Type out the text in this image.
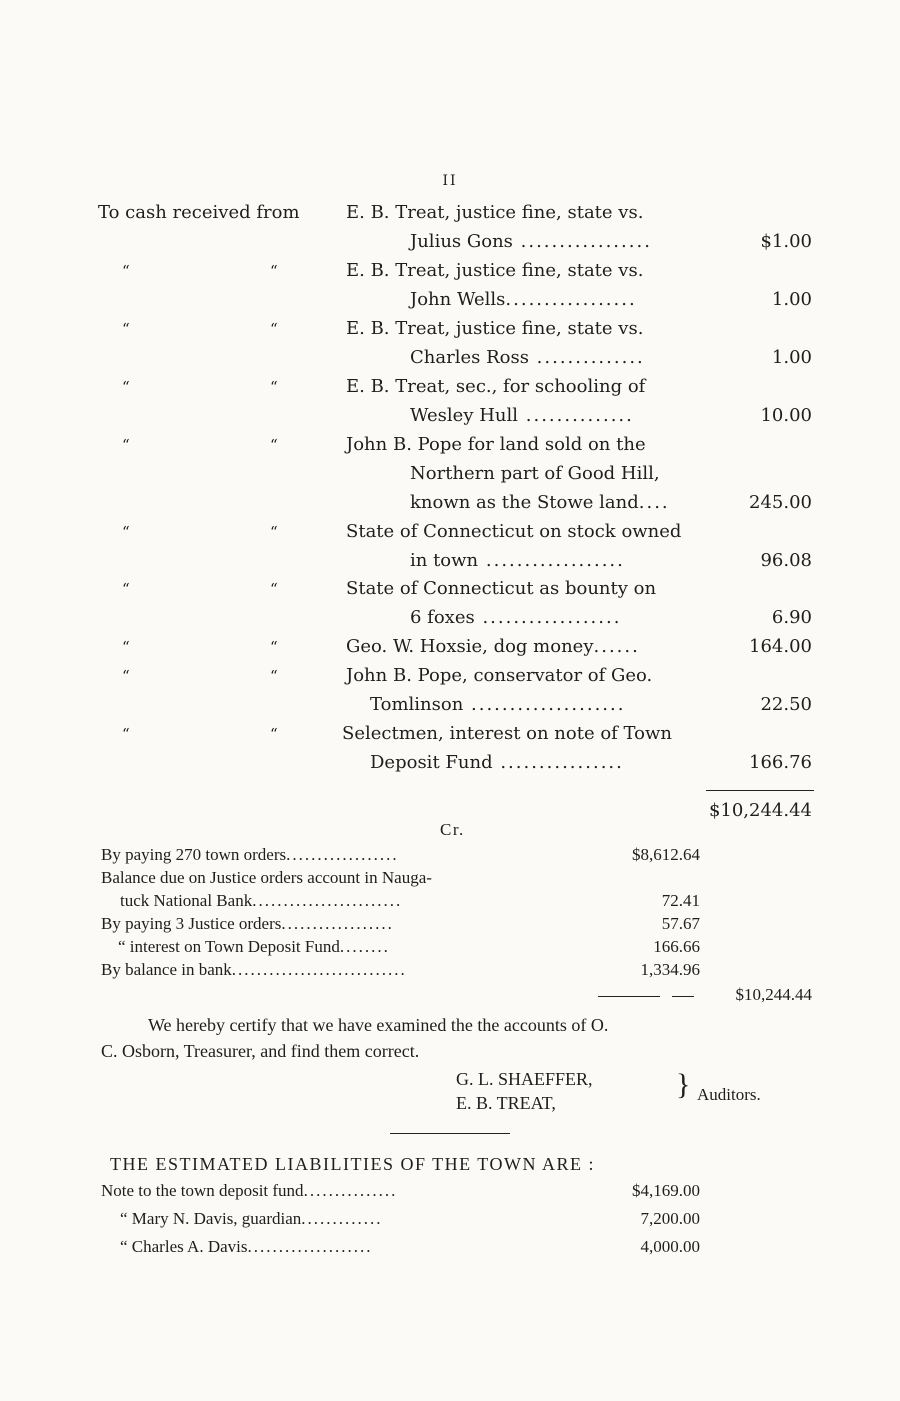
II
To cash received from	E. B. Treat, justice fine, state vs.
Julius Gons .................	$1.00
“	“	E. B. Treat, justice fine, state vs.
John Wells.................	1.00
“	“	E. B. Treat, justice fine, state vs.
Charles Ross ..............	1.00
“	“	E. B. Treat, sec., for schooling of
Wesley Hull ..............	10.00
“	“	John B. Pope for land sold on the
Northern part of Good Hill,
known as the Stowe land....	245.00
“	“	State of Connecticut on stock owned
in town ..................	96.08
“	“	State of Connecticut as bounty on
6 foxes ..................	6.90
“	“	Geo. W. Hoxsie, dog money......	164.00
“	“	John B. Pope, conservator of Geo.
Tomlinson ....................	22.50
“	“	Selectmen, interest on note of Town
Deposit Fund ................	166.76
$10,244.44
Cr.
By paying 270 town orders..................	$8,612.64
Balance due on Justice orders account in Nauga-
tuck National Bank........................	72.41
By paying 3 Justice orders..................	57.67
“ interest on Town Deposit Fund........	166.66
By balance in bank............................	1,334.96
$10,244.44
We hereby certify that we have examined the the accounts of O.
C. Osborn, Treasurer, and find them correct.
G. L. SHAEFFER,
E. B. TREAT,
} Auditors.
THE ESTIMATED LIABILITIES OF THE TOWN ARE :
Note to the town deposit fund...............	$4,169.00
“ Mary N. Davis, guardian.............	7,200.00
“ Charles A. Davis....................	4,000.00
